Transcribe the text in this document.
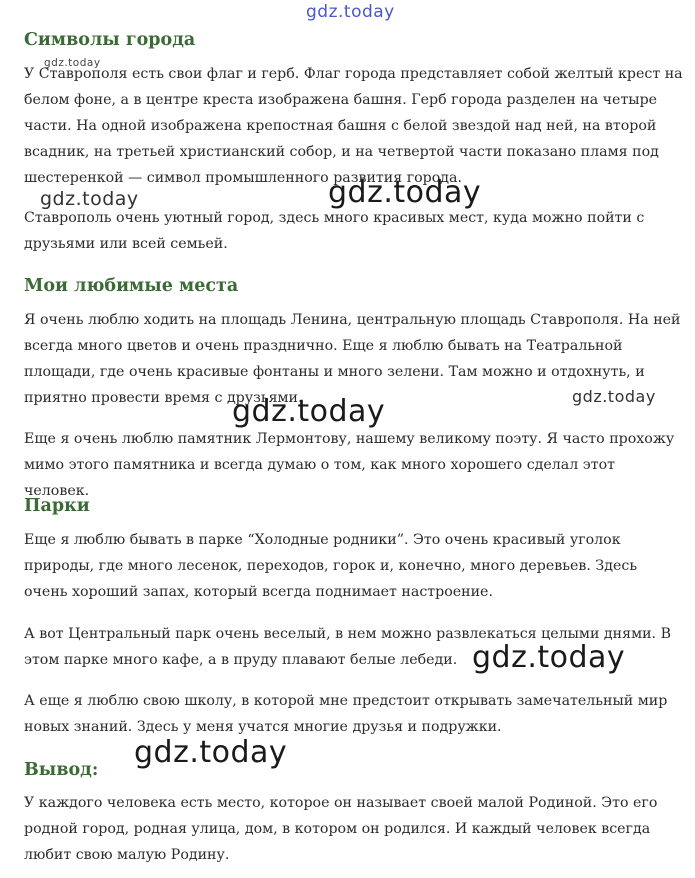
gdz.today
Символы города

У Ставрополя есть свои флаг и герб. Флаг города представляет собой желтый крест на белом фоне, а в центре креста изображена башня. Герб города разделен на четыре части. На одной изображена крепостная башня с белой звездой над ней, на второй всадник, на третьей христианский собор, и на четвертой части показано пламя под шестеренкой — символ промышленного развития города.

Ставрополь очень уютный город, здесь много красивых мест, куда можно пойти с друзьями или всей семьей.

Мои любимые места

Я очень люблю ходить на площадь Ленина, центральную площадь Ставрополя. На ней всегда много цветов и очень празднично. Еще я люблю бывать на Театральной площади, где очень красивые фонтаны и много зелени. Там можно и отдохнуть, и приятно провести время с друзьями.

Еще я очень люблю памятник Лермонтову, нашему великому поэту. Я часто прохожу мимо этого памятника и всегда думаю о том, как много хорошего сделал этот человек.

Парки

Еще я люблю бывать в парке “Холодные родники”. Это очень красивый уголок природы, где много лесенок, переходов, горок и, конечно, много деревьев. Здесь очень хороший запах, который всегда поднимает настроение.

А вот Центральный парк очень веселый, в нем можно развлекаться целыми днями. В этом парке много кафе, а в пруду плавают белые лебеди.

А еще я люблю свою школу, в которой мне предстоит открывать замечательный мир новых знаний. Здесь у меня учатся многие друзья и подружки.

Вывод:

У каждого человека есть место, которое он называет своей малой Родиной. Это его родной город, родная улица, дом, в котором он родился. И каждый человек всегда любит свою малую Родину.

gdz.today
gdz.today	gdz.today
gdz.today
gdz.today
gdz.today
gdz.today
